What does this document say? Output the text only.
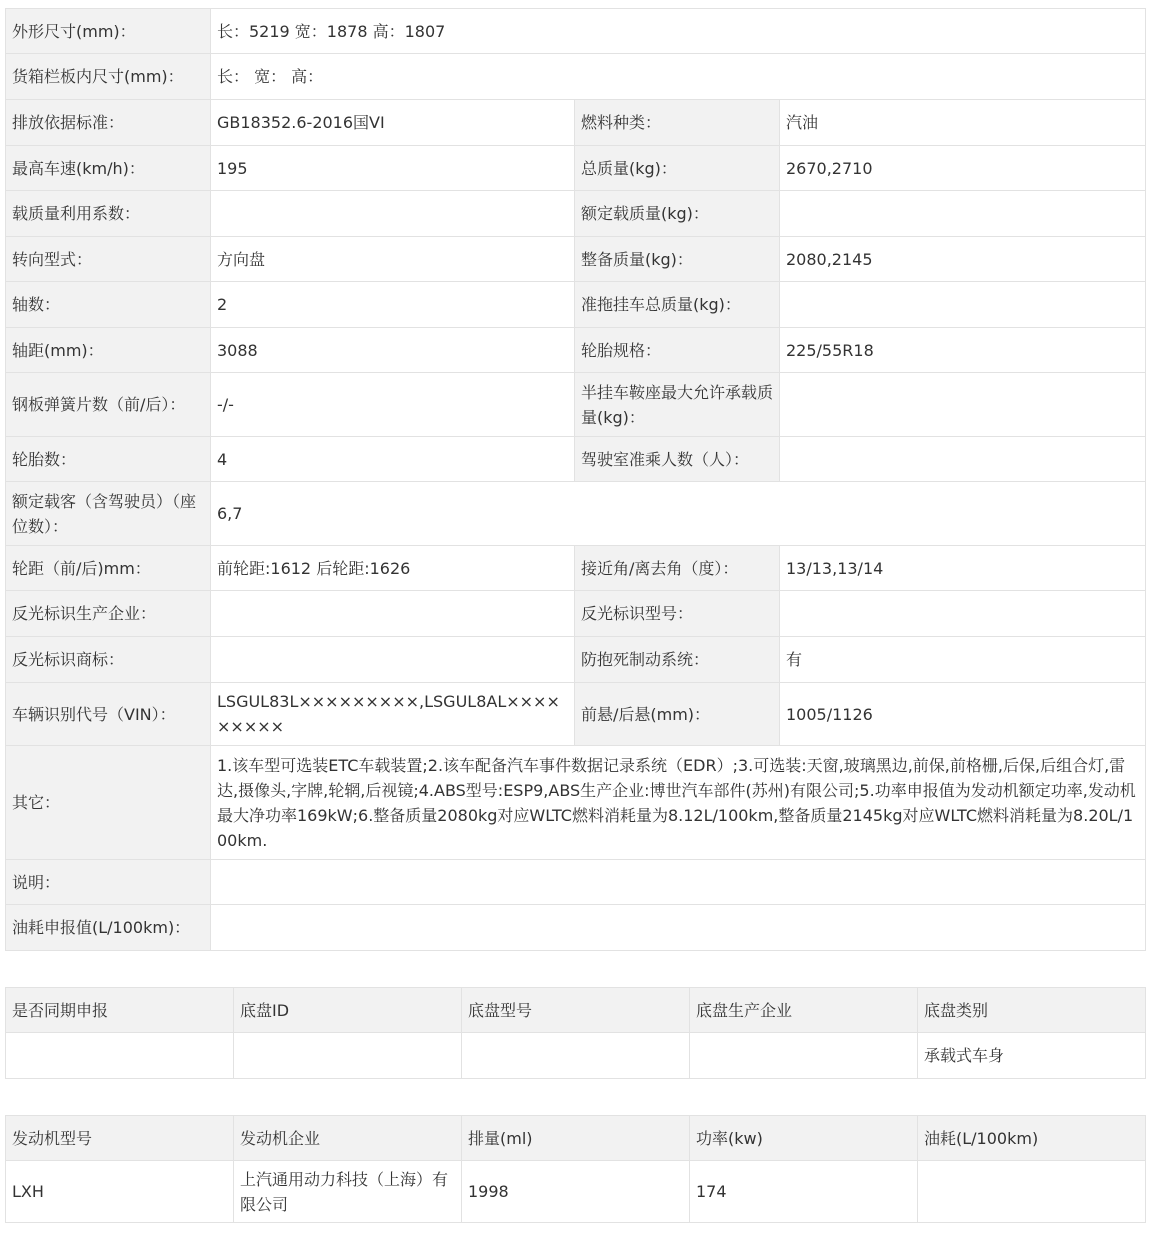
外形尺寸(mm)：	长：5219 宽：1878 高：1807		
货箱栏板内尺寸(mm)：	长： 宽： 高：		
排放依据标准：	GB18352.6-2016国VI	燃料种类：	汽油
最高车速(km/h)：	195	总质量(kg)：	2670,2710
载质量利用系数：		额定载质量(kg)：	
转向型式：	方向盘	整备质量(kg)：	2080,2145
轴数：	2	准拖挂车总质量(kg)：	
轴距(mm)：	3088	轮胎规格：	225/55R18
钢板弹簧片数（前/后）：	-/-	半挂车鞍座最大允许承载质量(kg)：	
轮胎数：	4	驾驶室准乘人数（人）：	
额定载客（含驾驶员）（座位数）：	6,7		
轮距（前/后)mm：	前轮距:1612 后轮距:1626	接近角/离去角（度）：	13/13,13/14
反光标识生产企业：		反光标识型号：	
反光标识商标：		防抱死制动系统：	有
车辆识别代号（VIN）：	LSGUL83L×××××××××,LSGUL8AL×××××××××	前悬/后悬(mm)：	1005/1126
其它：	1.该车型可选装ETC车载装置;2.该车配备汽车事件数据记录系统（EDR）;3.可选装:天窗,玻璃黑边,前保,前格栅,后保,后组合灯,雷达,摄像头,字牌,轮辋,后视镜;4.ABS型号:ESP9,ABS生产企业:博世汽车部件(苏州)有限公司;5.功率申报值为发动机额定功率,发动机最大净功率169kW;6.整备质量2080kg对应WLTC燃料消耗量为8.12L/100km,整备质量2145kg对应WLTC燃料消耗量为8.20L/100km.		
说明：			
油耗申报值(L/100km)：			
是否同期申报	底盘ID	底盘型号	底盘生产企业	底盘类别
				承载式车身
发动机型号	发动机企业	排量(ml)	功率(kw)	油耗(L/100km)
LXH	上汽通用动力科技（上海）有限公司	1998	174	
